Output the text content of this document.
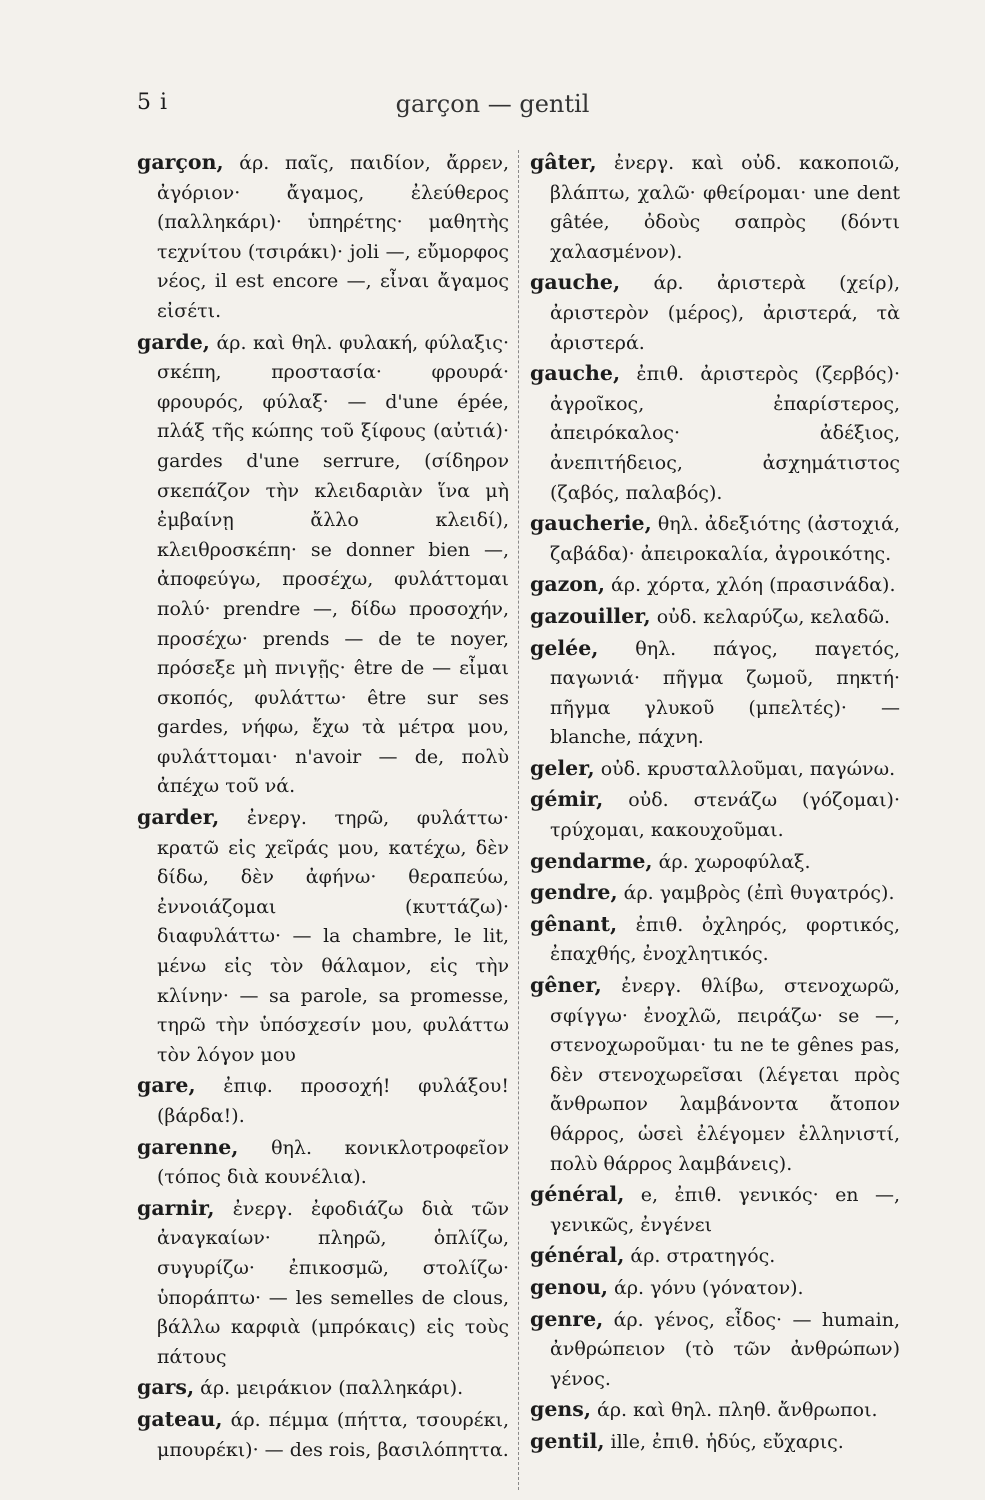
5 i	garçon — gentil

garçon, άρ. παῖς, παιδίον, ἄρρεν, ἀγόριον· ἄγαμος, ἐλεύθερος (παλληκάρι)· ὑπηρέτης· μαθητὴς τεχνίτου (τσιράκι)· joli —, εὔμορφος νέος, il est encore —, εἶναι ἄγαμος εἰσέτι.

garde, άρ. καὶ θηλ. φυλακή, φύλαξις· σκέπη, προστασία· φρουρά· φρουρός, φύλαξ· — d'une épée, πλάξ τῆς κώπης τοῦ ξίφους (αὐτιά)· gardes d'une serrure, (σίδηρον σκεπάζον τὴν κλειδαριὰν ἵνα μὴ ἐμβαίνῃ ἄλλο κλειδί), κλειθροσκέπη· se donner bien —, ἀποφεύγω, προσέχω, φυλάττομαι πολύ· prendre —, δίδω προσοχήν, προσέχω· prends — de te noyer, πρόσεξε μὴ πνιγῇς· être de — εἶμαι σκοπός, φυλάττω· être sur ses gardes, νήφω, ἔχω τὰ μέτρα μου, φυλάττομαι· n'avoir — de, πολὺ ἀπέχω τοῦ νά.

garder, ἐνεργ. τηρῶ, φυλάττω· κρατῶ εἰς χεῖράς μου, κατέχω, δὲν δίδω, δὲν ἀφήνω· θεραπεύω, ἐννοιάζομαι (κυττάζω)· διαφυλάττω· — la chambre, le lit, μένω εἰς τὸν θάλαμον, εἰς τὴν κλίνην· — sa parole, sa promesse, τηρῶ τὴν ὑπόσχεσίν μου, φυλάττω τὸν λόγον μου

gare, ἐπιφ. προσοχή! φυλάξου! (βάρδα!).

garenne, θηλ. κονικλοτροφεῖον (τόπος διὰ κουνέλια).

garnir, ἐνεργ. ἐφοδιάζω διὰ τῶν ἀναγκαίων· πληρῶ, ὁπλίζω, συγυρίζω· ἐπικοσμῶ, στολίζω· ὑποράπτω· — les semelles de clous, βάλλω καρφιὰ (μπρόκαις) εἰς τοὺς πάτους

gars, άρ. μειράκιον (παλληκάρι).

gateau, άρ. πέμμα (πήττα, τσουρέκι, μπουρέκι)· — des rois, βασιλόπηττα.

gâter, ἐνεργ. καὶ οὐδ. κακοποιῶ, βλάπτω, χαλῶ· φθείρομαι· une dent gâtée, ὀδοὺς σαπρὸς (δόντι χαλασμένον).

gauche, άρ. ἀριστερὰ (χείρ), ἀριστερὸν (μέρος), ἀριστερά, τὰ ἀριστερά.

gauche, ἐπιθ. ἀριστερὸς (ζερβός)· ἀγροῖκος, ἐπαρίστερος, ἀπειρόκαλος· ἀδέξιος, ἀνεπιτήδειος, ἀσχημάτιστος (ζαβός, παλαβός).

gaucherie, θηλ. ἀδεξιότης (ἀστοχιά, ζαβάδα)· ἀπειροκαλία, ἀγροικότης.

gazon, άρ. χόρτα, χλόη (πρασινάδα).

gazouiller, οὐδ. κελαρύζω, κελαδῶ.

gelée, θηλ. πάγος, παγετός, παγωνιά· πῆγμα ζωμοῦ, πηκτή· πῆγμα γλυκοῦ (μπελτές)· — blanche, πάχνη.

geler, οὐδ. κρυσταλλοῦμαι, παγώνω.

gémir, οὐδ. στενάζω (γόζομαι)· τρύχομαι, κακουχοῦμαι.

gendarme, άρ. χωροφύλαξ.

gendre, άρ. γαμβρὸς (ἐπὶ θυγατρός).

gênant, ἐπιθ. ὀχληρός, φορτικός, ἐπαχθής, ἐνοχλητικός.

gêner, ἐνεργ. θλίβω, στενοχωρῶ, σφίγγω· ἐνοχλῶ, πειράζω· se —, στενοχωροῦμαι· tu ne te gênes pas, δὲν στενοχωρεῖσαι (λέγεται πρὸς ἄνθρωπον λαμβάνοντα ἄτοπον θάρρος, ὡσεὶ ἐλέγομεν ἑλληνιστί, πολὺ θάρρος λαμβάνεις).

général, e, ἐπιθ. γενικός· en —, γενικῶς, ἐνγένει

général, άρ. στρατηγός.

genou, άρ. γόνυ (γόνατον).

genre, άρ. γένος, εἶδος· — humain, ἀνθρώπειον (τὸ τῶν ἀνθρώπων) γένος.

gens, άρ. καὶ θηλ. πληθ. ἄνθρωποι.

gentil, ille, ἐπιθ. ἡδύς, εὔχαρις.
